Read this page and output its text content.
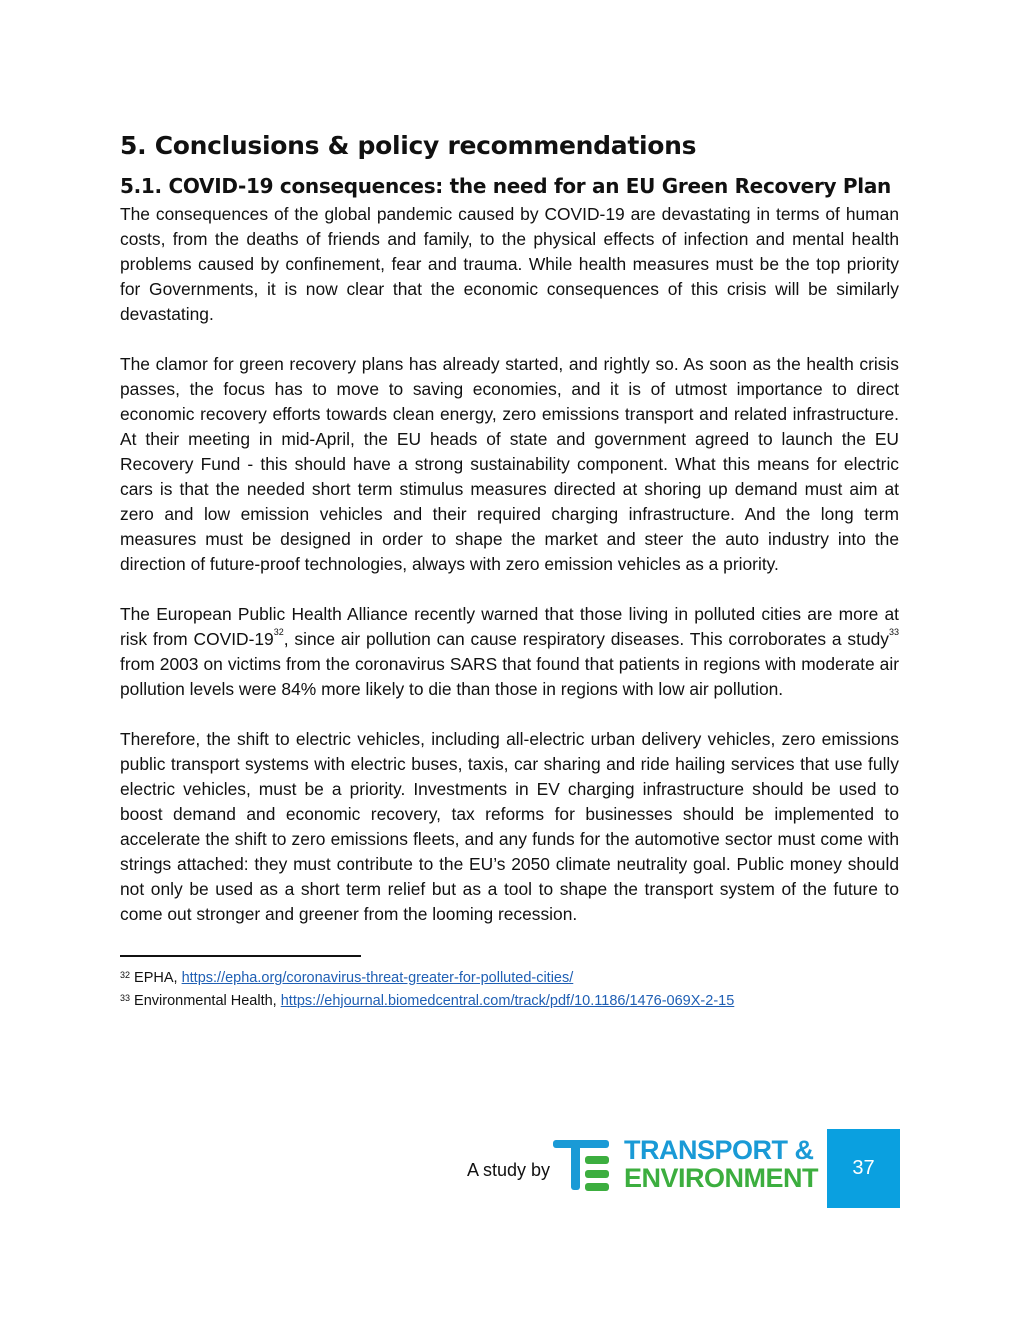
5. Conclusions & policy recommendations
5.1. COVID-19 consequences: the need for an EU Green Recovery Plan

The consequences of the global pandemic caused by COVID-19 are devastating in terms of human costs, from the deaths of friends and family, to the physical effects of infection and mental health problems caused by confinement, fear and trauma. While health measures must be the top priority for Governments, it is now clear that the economic consequences of this crisis will be similarly devastating.

The clamor for green recovery plans has already started, and rightly so. As soon as the health crisis passes, the focus has to move to saving economies, and it is of utmost importance to direct economic recovery efforts towards clean energy, zero emissions transport and related infrastructure. At their meeting in mid-April, the EU heads of state and government agreed to launch the EU Recovery Fund - this should have a strong sustainability component. What this means for electric cars is that the needed short term stimulus measures directed at shoring up demand must aim at zero and low emission vehicles and their required charging infrastructure. And the long term measures must be designed in order to shape the market and steer the auto industry into the direction of future-proof technologies, always with zero emission vehicles as a priority.

The European Public Health Alliance recently warned that those living in polluted cities are more at risk from COVID-$19^{32}$, since air pollution can cause respiratory diseases. This corroborates a study$^{33}$ from 2003 on victims from the coronavirus SARS that found that patients in regions with moderate air pollution levels were 84% more likely to die than those in regions with low air pollution.

Therefore, the shift to electric vehicles, including all-electric urban delivery vehicles, zero emissions public transport systems with electric buses, taxis, car sharing and ride hailing services that use fully electric vehicles, must be a priority. Investments in EV charging infrastructure should be used to boost demand and economic recovery, tax reforms for businesses should be implemented to accelerate the shift to zero emissions fleets, and any funds for the automotive sector must come with strings attached: they must contribute to the EU’s 2050 climate neutrality goal. Public money should not only be used as a short term relief but as a tool to shape the transport system of the future to come out stronger and greener from the looming recession.

$^{32}$ EPHA, https://epha.org/coronavirus-threat-greater-for-polluted-cities/
$^{33}$ Environmental Health, https://ehjournal.biomedcentral.com/track/pdf/10.1186/1476-069X-2-15
A study by
TRANSPORT &
ENVIRONMENT 37
